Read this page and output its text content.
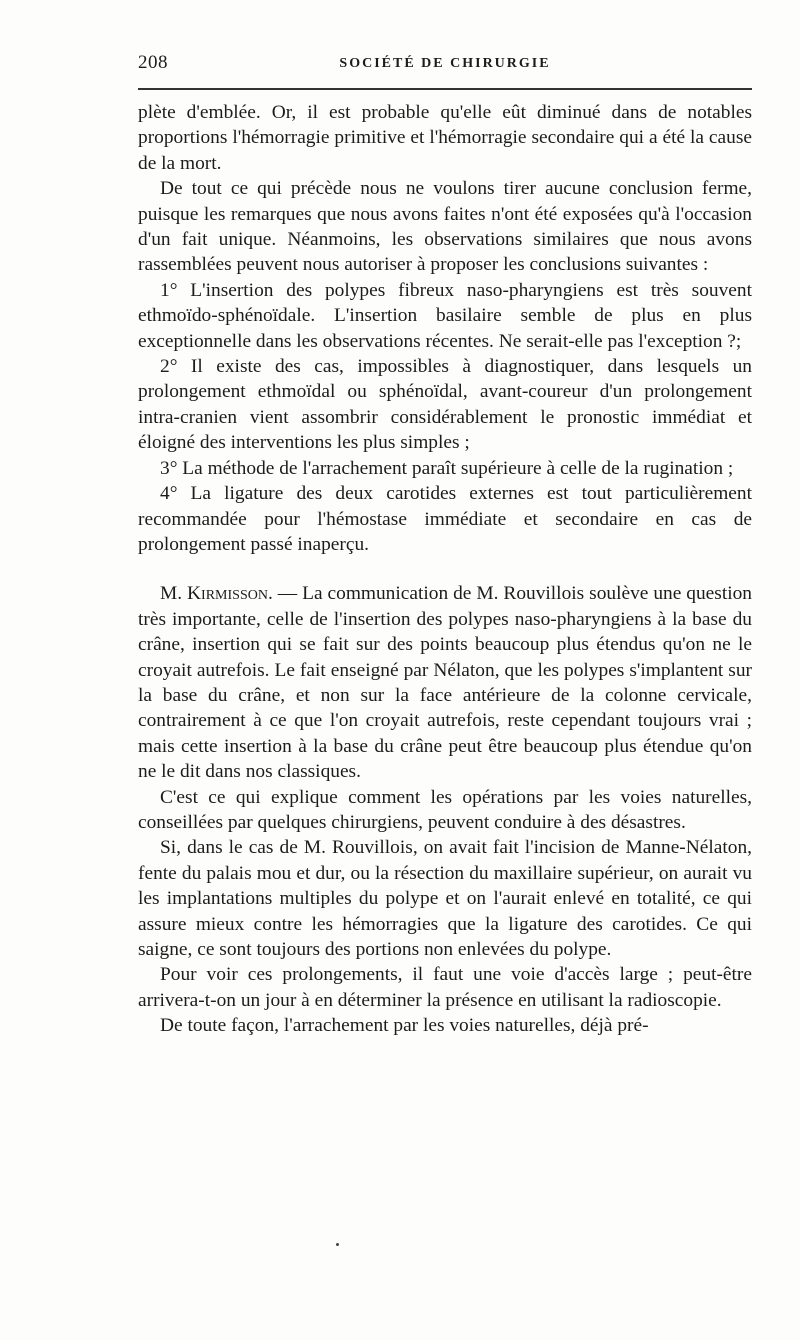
208	SOCIÉTÉ DE CHIRURGIE

plète d'emblée. Or, il est probable qu'elle eût diminué dans de notables proportions l'hémorragie primitive et l'hémorragie secondaire qui a été la cause de la mort.

De tout ce qui précède nous ne voulons tirer aucune conclusion ferme, puisque les remarques que nous avons faites n'ont été exposées qu'à l'occasion d'un fait unique. Néanmoins, les observations similaires que nous avons rassemblées peuvent nous autoriser à proposer les conclusions suivantes :

1° L'insertion des polypes fibreux naso-pharyngiens est très souvent ethmoïdo-sphénoïdale. L'insertion basilaire semble de plus en plus exceptionnelle dans les observations récentes. Ne serait-elle pas l'exception ?;

2° Il existe des cas, impossibles à diagnostiquer, dans lesquels un prolongement ethmoïdal ou sphénoïdal, avant-coureur d'un prolongement intra-cranien vient assombrir considérablement le pronostic immédiat et éloigné des interventions les plus simples ;

3° La méthode de l'arrachement paraît supérieure à celle de la rugination ;

4° La ligature des deux carotides externes est tout particulièrement recommandée pour l'hémostase immédiate et secondaire en cas de prolongement passé inaperçu.

M. Kirmisson. — La communication de M. Rouvillois soulève une question très importante, celle de l'insertion des polypes naso-pharyngiens à la base du crâne, insertion qui se fait sur des points beaucoup plus étendus qu'on ne le croyait autrefois. Le fait enseigné par Nélaton, que les polypes s'implantent sur la base du crâne, et non sur la face antérieure de la colonne cervicale, contrairement à ce que l'on croyait autrefois, reste cependant toujours vrai ; mais cette insertion à la base du crâne peut être beaucoup plus étendue qu'on ne le dit dans nos classiques.

C'est ce qui explique comment les opérations par les voies naturelles, conseillées par quelques chirurgiens, peuvent conduire à des désastres.

Si, dans le cas de M. Rouvillois, on avait fait l'incision de Manne-Nélaton, fente du palais mou et dur, ou la résection du maxillaire supérieur, on aurait vu les implantations multiples du polype et on l'aurait enlevé en totalité, ce qui assure mieux contre les hémorragies que la ligature des carotides. Ce qui saigne, ce sont toujours des portions non enlevées du polype.

Pour voir ces prolongements, il faut une voie d'accès large ; peut-être arrivera-t-on un jour à en déterminer la présence en utilisant la radioscopie.

De toute façon, l'arrachement par les voies naturelles, déjà pré-
